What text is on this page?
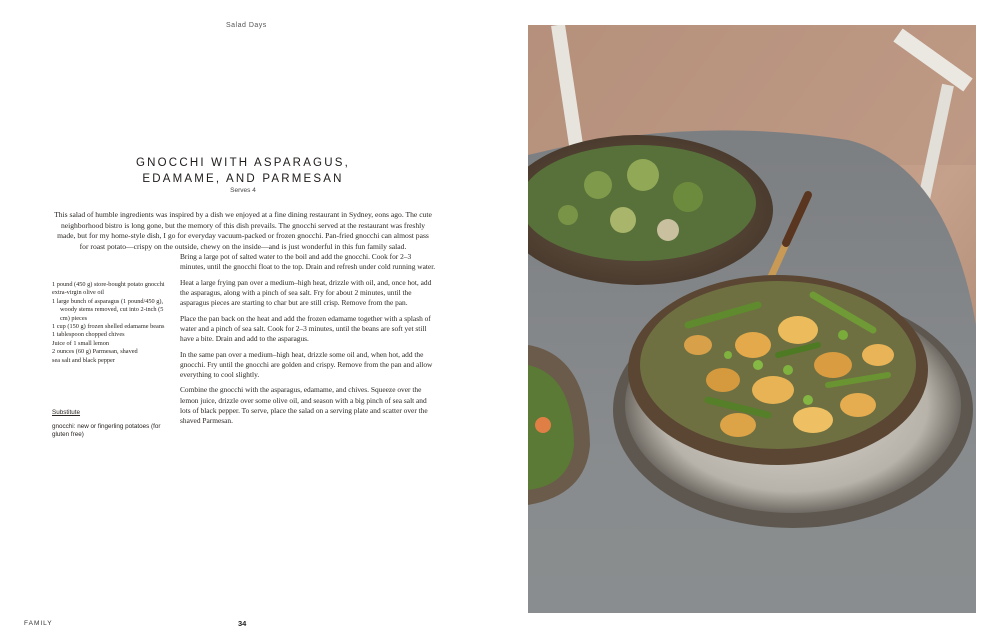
Salad Days
GNOCCHI WITH ASPARAGUS,
EDAMAME, AND PARMESAN
Serves 4
This salad of humble ingredients was inspired by a dish we enjoyed at a fine dining restaurant in Sydney, eons ago. The cute neighborhood bistro is long gone, but the memory of this dish prevails. The gnocchi served at the restaurant was freshly made, but for my home-style dish, I go for everyday vacuum-packed or frozen gnocchi. Pan-fried gnocchi can almost pass for roast potato—crispy on the outside, chewy on the inside—and is just wonderful in this fun family salad.
1 pound (450 g) store-bought potato gnocchi
extra-virgin olive oil
1 large bunch of asparagus (1 pound/450 g), woody stems removed, cut into 2-inch (5 cm) pieces
1 cup (150 g) frozen shelled edamame beans
1 tablespoon chopped chives
Juice of 1 small lemon
2 ounces (60 g) Parmesan, shaved
sea salt and black pepper
Substitute
gnocchi: new or fingerling potatoes (for gluten free)

Bring a large pot of salted water to the boil and add the gnocchi. Cook for 2–3 minutes, until the gnocchi float to the top. Drain and refresh under cold running water.

Heat a large frying pan over a medium–high heat, drizzle with oil, and, once hot, add the asparagus, along with a pinch of sea salt. Fry for about 2 minutes, until the asparagus pieces are starting to char but are still crisp. Remove from the pan.

Place the pan back on the heat and add the frozen edamame together with a splash of water and a pinch of sea salt. Cook for 2–3 minutes, until the beans are soft yet still have a bite. Drain and add to the asparagus.

In the same pan over a medium–high heat, drizzle some oil and, when hot, add the gnocchi. Fry until the gnocchi are golden and crispy. Remove from the pan and allow everything to cool slightly.

Combine the gnocchi with the asparagus, edamame, and chives. Squeeze over the lemon juice, drizzle over some olive oil, and season with a big pinch of sea salt and lots of black pepper. To serve, place the salad on a serving plate and scatter over the shaved Parmesan.

FAMILY	34
